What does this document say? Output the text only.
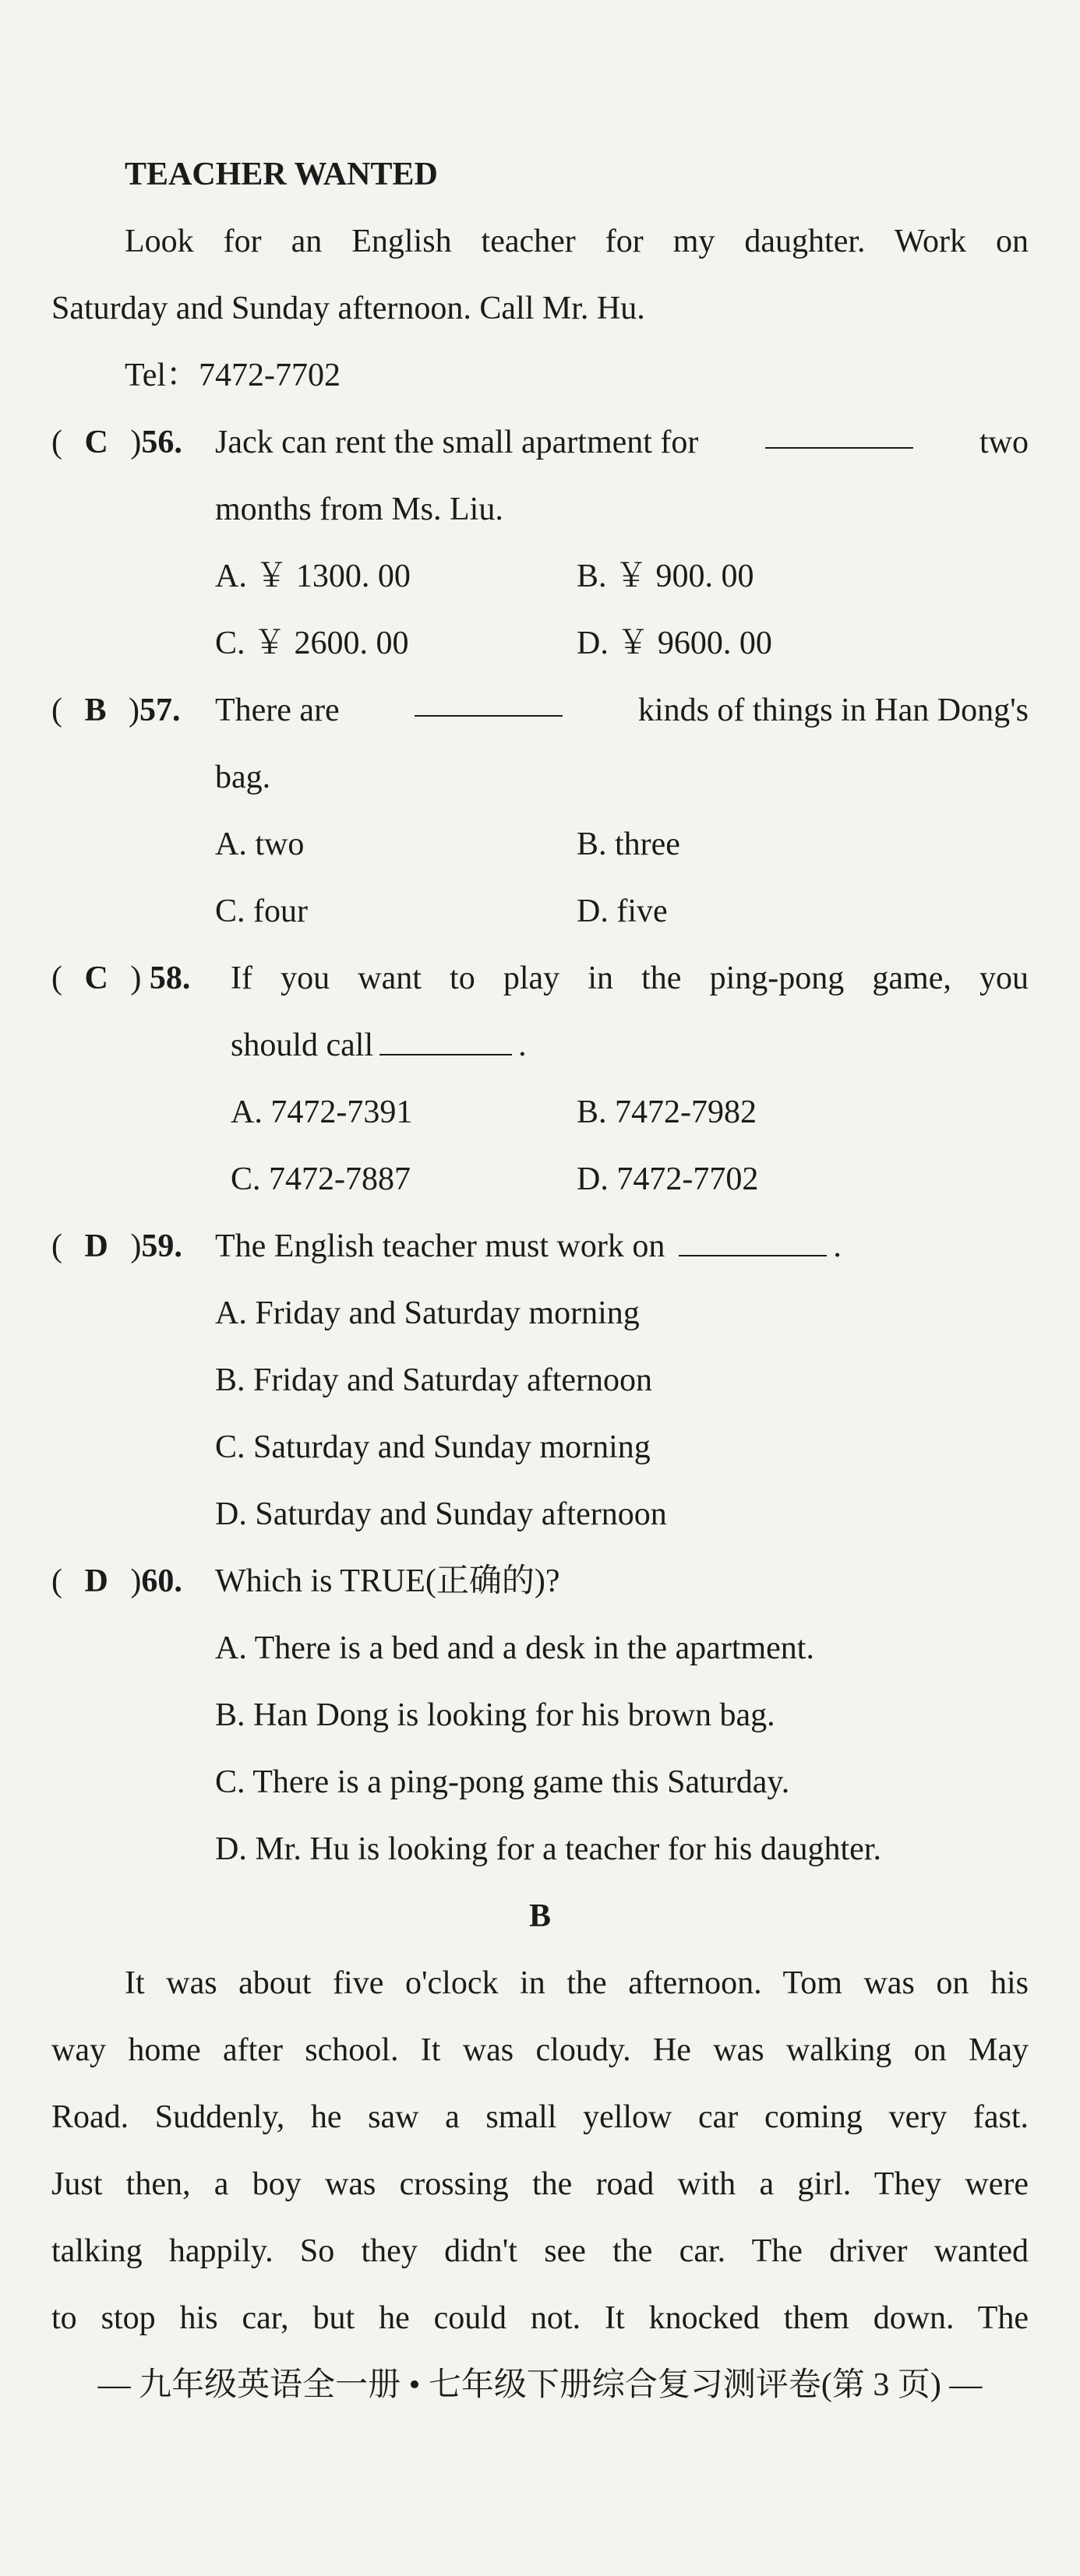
TEACHER WANTED
Look for an English teacher for my daughter. Work on
Saturday and Sunday afternoon. Call Mr. Hu.
Tel：7472-7702
( C )56. Jack can rent the small apartment for	two
months from Ms. Liu.
A. ￥ 1300. 00	B. ￥ 900. 00
C. ￥ 2600. 00	D. ￥ 9600. 00
( B )57. There are	kinds of things in Han Dong's
bag.
A. two	B. three
C. four	D. five
( C ) 58. If you want to play in the ping-pong game, you
should call	.
A. 7472-7391	B. 7472-7982
C. 7472-7887	D. 7472-7702
( D )59. The English teacher must work on	.
A. Friday and Saturday morning
B. Friday and Saturday afternoon
C. Saturday and Sunday morning
D. Saturday and Sunday afternoon
( D )60. Which is TRUE(正确的)?
A. There is a bed and a desk in the apartment.
B. Han Dong is looking for his brown bag.
C. There is a ping-pong game this Saturday.
D. Mr. Hu is looking for a teacher for his daughter.
B
It was about five o'clock in the afternoon. Tom was on his
way home after school. It was cloudy. He was walking on May
Road. Suddenly, he saw a small yellow car coming very fast.
Just then, a boy was crossing the road with a girl. They were
talking happily. So they didn't see the car. The driver wanted
to stop his car, but he could not. It knocked them down. The
— 九年级英语全一册 • 七年级下册综合复习测评卷(第 3 页) —
